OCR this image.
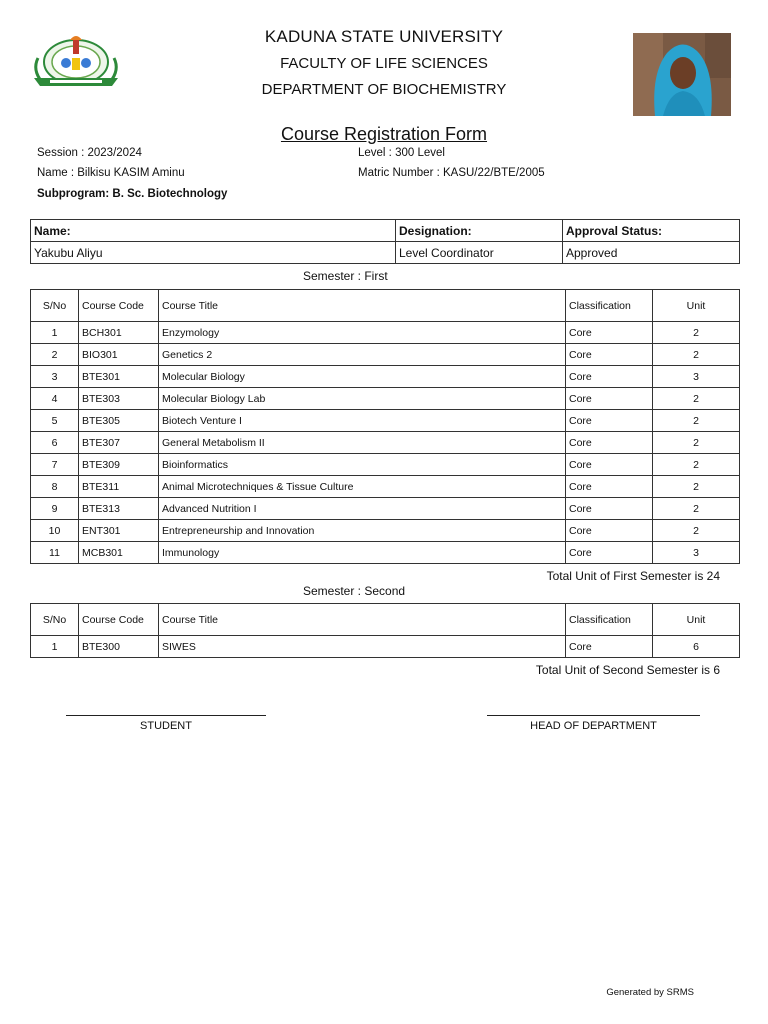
KADUNA STATE UNIVERSITY
FACULTY OF LIFE SCIENCES
DEPARTMENT OF BIOCHEMISTRY
Course Registration Form
Session : 2023/2024	Level : 300 Level
Name : Bilkisu KASIM Aminu	Matric Number : KASU/22/BTE/2005
Subprogram: B. Sc. Biotechnology
Name:	Designation:	Approval Status:
Yakubu Aliyu	Level Coordinator	Approved
Semester : First
S/No	Course Code	Course Title	Classification	Unit
1	BCH301	Enzymology	Core	2
2	BIO301	Genetics 2	Core	2
3	BTE301	Molecular Biology	Core	3
4	BTE303	Molecular Biology Lab	Core	2
5	BTE305	Biotech Venture I	Core	2
6	BTE307	General Metabolism II	Core	2
7	BTE309	Bioinformatics	Core	2
8	BTE311	Animal Microtechniques & Tissue Culture	Core	2
9	BTE313	Advanced Nutrition I	Core	2
10	ENT301	Entrepreneurship and Innovation	Core	2
11	MCB301	Immunology	Core	3
Total Unit of First Semester is 24
Semester : Second
S/No	Course Code	Course Title	Classification	Unit
1	BTE300	SIWES	Core	6
Total Unit of Second Semester is 6
STUDENT	HEAD OF DEPARTMENT
Generated by SRMS
